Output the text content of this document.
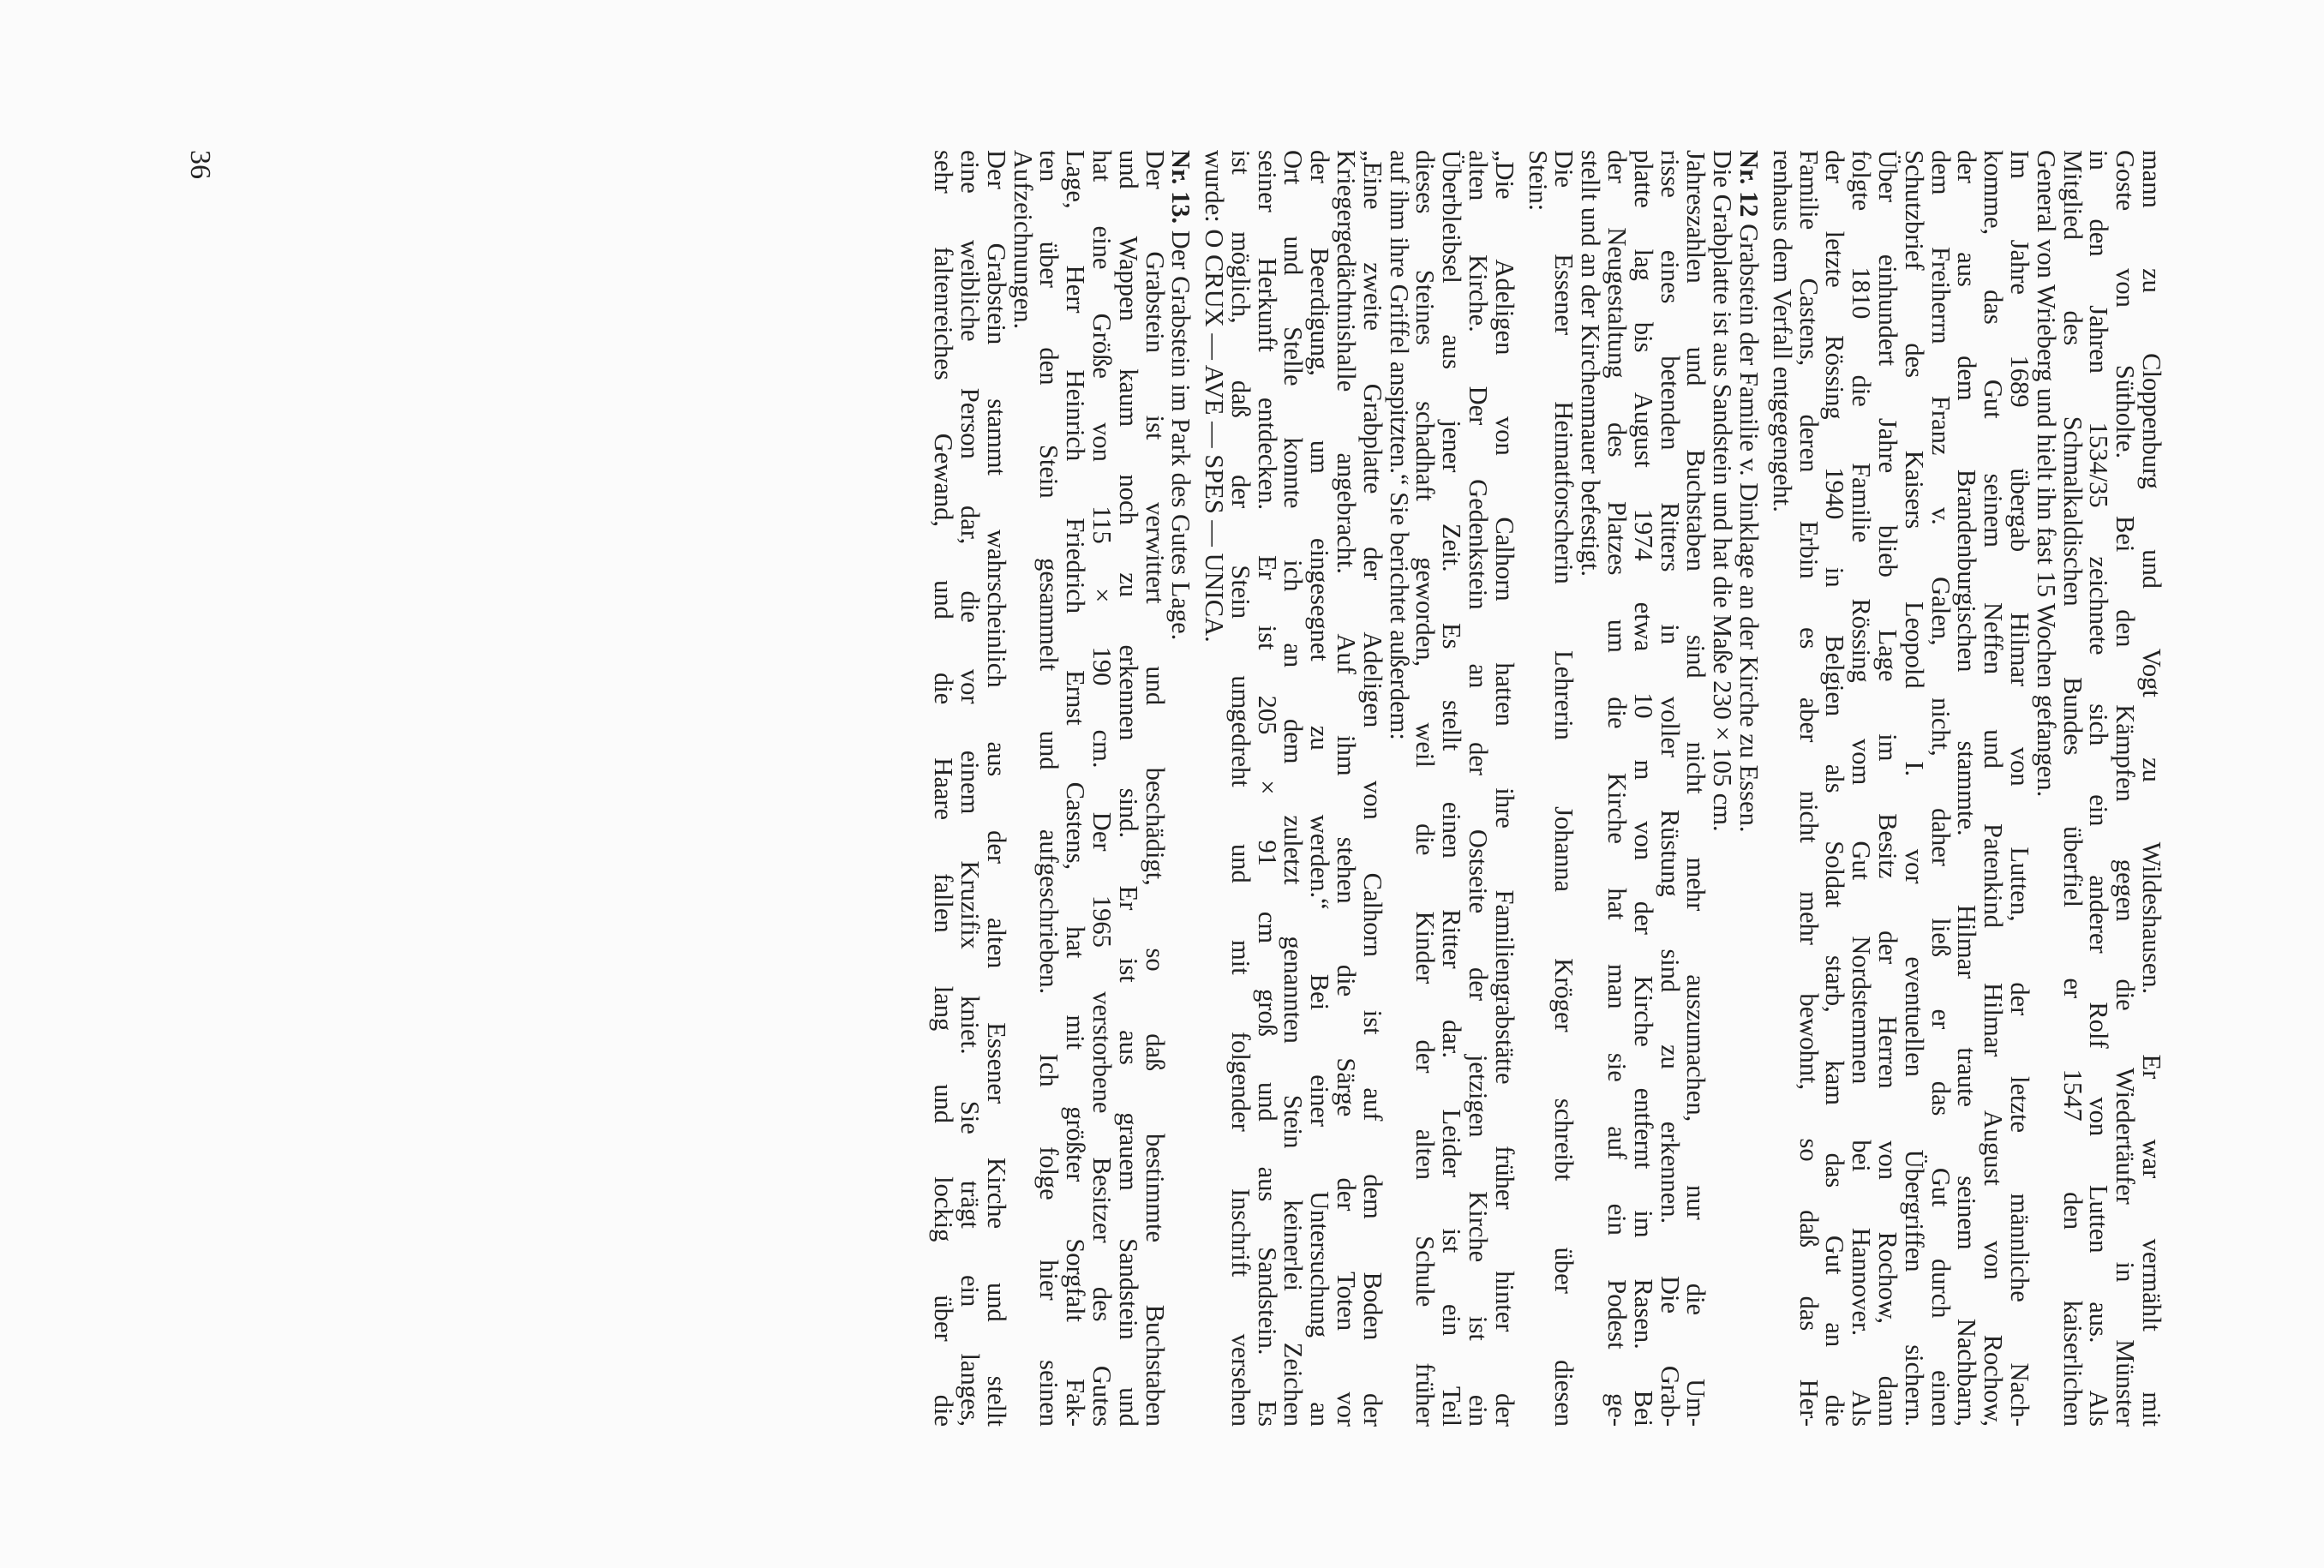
mann zu Cloppenburg und Vogt zu Wildeshausen. Er war vermählt mit
Goste von Sütholte. Bei den Kämpfen gegen die Wiedertäufer in Münster
in den Jahren 1534/35 zeichnete sich ein anderer Rolf von Lutten aus. Als
Mitglied des Schmalkaldischen Bundes überfiel er 1547 den kaiserlichen
General von Wrieberg und hielt ihn fast 15 Wochen gefangen.
Im Jahre 1689 übergab Hilmar von Lutten, der letzte männliche Nach-
komme, das Gut seinem Neffen und Patenkind Hilmar August von Rochow,
der aus dem Brandenburgischen stammte. Hilmar traute seinem Nachbarn,
dem Freiherrn Franz v. Galen, nicht, daher ließ er das Gut durch einen
Schutzbrief des Kaisers Leopold I. vor eventuellen Übergriffen sichern.
Über einhundert Jahre blieb Lage im Besitz der Herren von Rochow, dann
folgte 1810 die Familie Rössing vom Gut Nordstemmen bei Hannover. Als
der letzte Rössing 1940 in Belgien als Soldat starb, kam das Gut an die
Familie Castens, deren Erbin es aber nicht mehr bewohnt, so daß das Her-
renhaus dem Verfall entgegengeht.
Nr. 12 Grabstein der Familie v. Dinklage an der Kirche zu Essen.
Die Grabplatte ist aus Sandstein und hat die Maße 230 × 105 cm.
Jahreszahlen und Buchstaben sind nicht mehr auszumachen, nur die Um-
risse eines betenden Ritters in voller Rüstung sind zu erkennen. Die Grab-
platte lag bis August 1974 etwa 10 m von der Kirche entfernt im Rasen. Bei
der Neugestaltung des Platzes um die Kirche hat man sie auf ein Podest ge-
stellt und an der Kirchenmauer befestigt.
Die Essener Heimatforscherin Lehrerin Johanna Kröger schreibt über diesen
Stein:
„Die Adeligen von Calhorn hatten ihre Familiengrabstätte früher hinter der
alten Kirche. Der Gedenkstein an der Ostseite der jetzigen Kirche ist ein
Überbleibsel aus jener Zeit. Es stellt einen Ritter dar. Leider ist ein Teil
dieses Steines schadhaft geworden, weil die Kinder der alten Schule früher
auf ihm ihre Griffel anspitzten.“ Sie berichtet außerdem:
„Eine zweite Grabplatte der Adeligen von Calhorn ist auf dem Boden der
Kriegergedächtnishalle angebracht. Auf ihm stehen die Särge der Toten vor
der Beerdigung, um eingesegnet zu werden.“ Bei einer Untersuchung an
Ort und Stelle konnte ich an dem zuletzt genannten Stein keinerlei Zeichen
seiner Herkunft entdecken. Er ist 205 × 91 cm groß und aus Sandstein. Es
ist möglich, daß der Stein umgedreht und mit folgender Inschrift versehen
wurde: O CRUX — AVE — SPES — UNICA.
Nr. 13. Der Grabstein im Park des Gutes Lage.
Der Grabstein ist verwittert und beschädigt, so daß bestimmte Buchstaben
und Wappen kaum noch zu erkennen sind. Er ist aus grauem Sandstein und
hat eine Größe von 115 × 190 cm. Der 1965 verstorbene Besitzer des Gutes
Lage, Herr Heinrich Friedrich Ernst Castens, hat mit größter Sorgfalt Fak-
ten über den Stein gesammelt und aufgeschrieben. Ich folge hier seinen
Aufzeichnungen.
Der Grabstein stammt wahrscheinlich aus der alten Essener Kirche und stellt
eine weibliche Person dar, die vor einem Kruzifix kniet. Sie trägt ein langes,
sehr faltenreiches Gewand, und die Haare fallen lang und lockig über die
36
